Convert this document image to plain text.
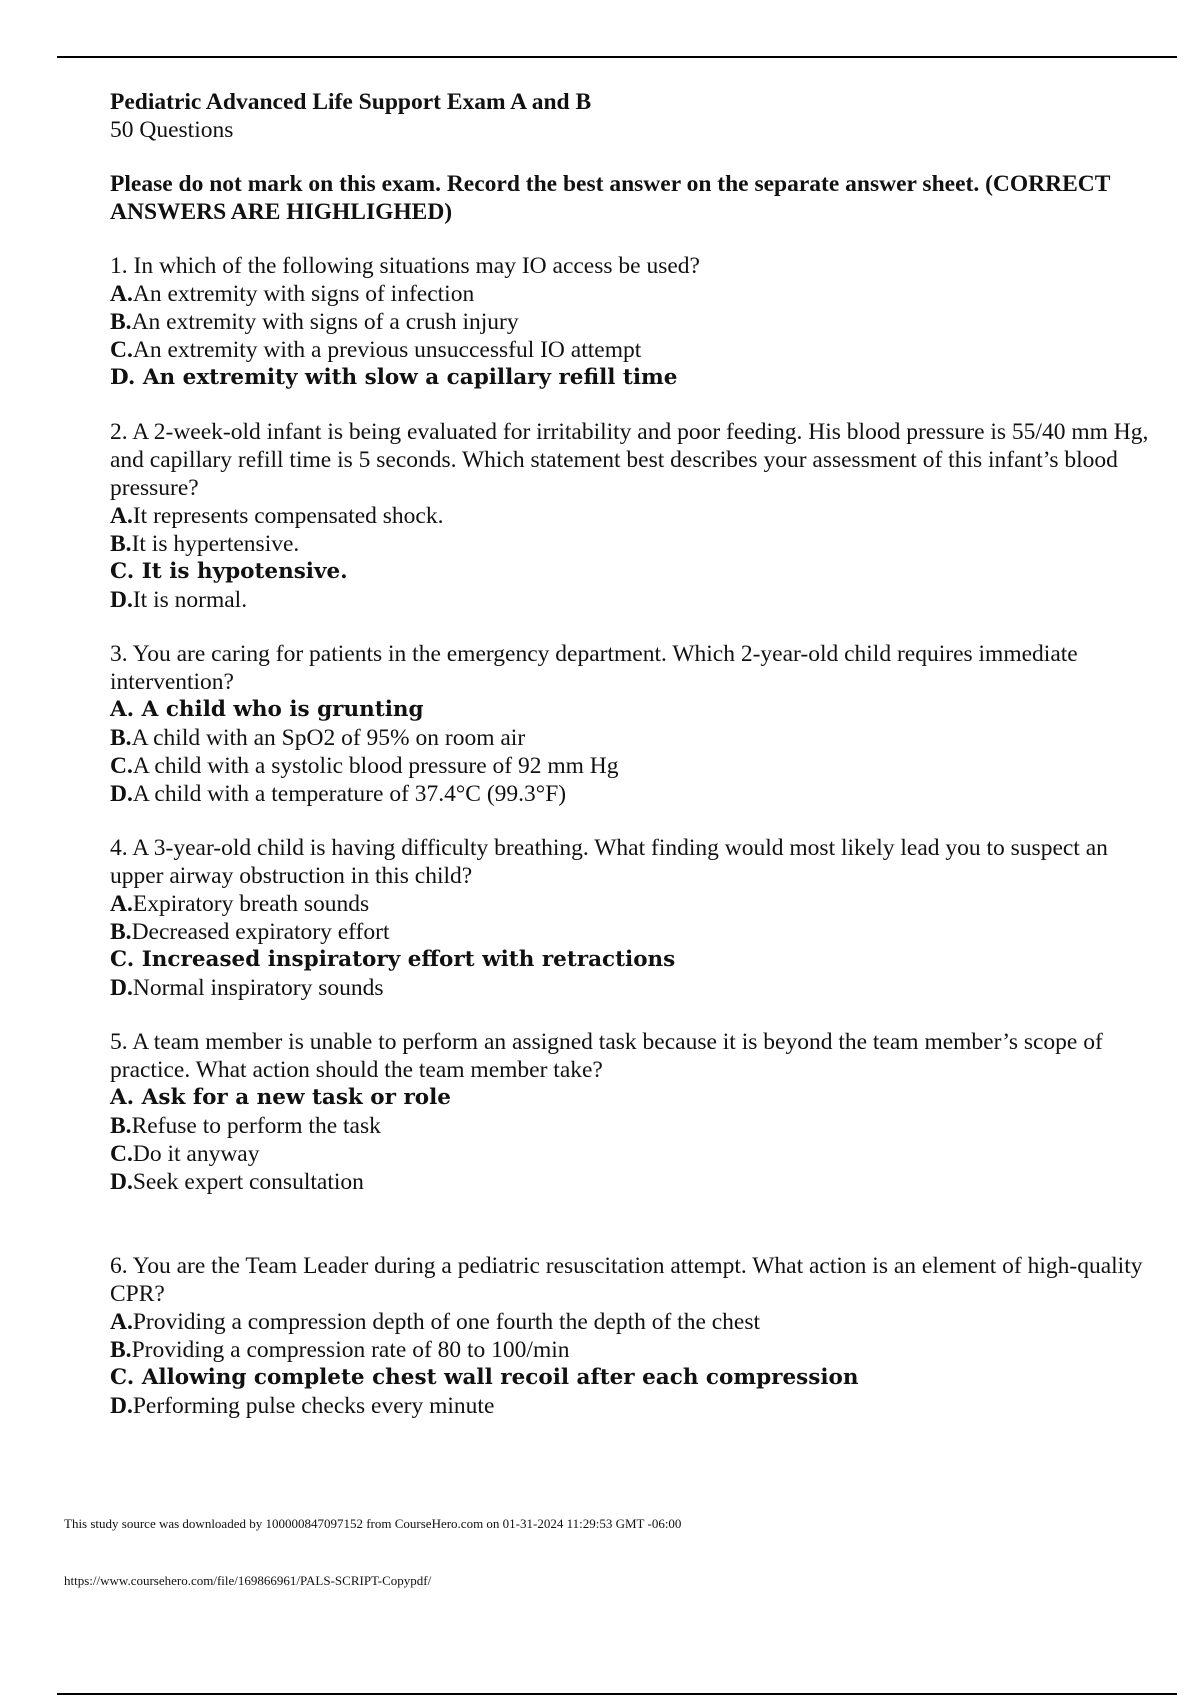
Pediatric Advanced Life Support Exam A and B

50 Questions

Please do not mark on this exam. Record the best answer on the separate answer sheet. (CORRECT ANSWERS ARE HIGHLIGHED)

1. In which of the following situations may IO access be used?

A.An extremity with signs of infection

B.An extremity with signs of a crush injury

C.An extremity with a previous unsuccessful IO attempt

D. An extremity with slow a capillary refill time

2. A 2-week-old infant is being evaluated for irritability and poor feeding. His blood pressure is 55/40 mm Hg, and capillary refill time is 5 seconds. Which statement best describes your assessment of this infant’s blood pressure?

A.It represents compensated shock.

B.It is hypertensive.

C. It is hypotensive.

D.It is normal.

3. You are caring for patients in the emergency department. Which 2-year-old child requires immediate intervention?

A. A child who is grunting

B.A child with an SpO2 of 95% on room air

C.A child with a systolic blood pressure of 92 mm Hg

D.A child with a temperature of 37.4°C (99.3°F)

4. A 3-year-old child is having difficulty breathing. What finding would most likely lead you to suspect an upper airway obstruction in this child?

A.Expiratory breath sounds

B.Decreased expiratory effort

C. Increased inspiratory effort with retractions

D.Normal inspiratory sounds

5. A team member is unable to perform an assigned task because it is beyond the team member’s scope of practice. What action should the team member take?

A. Ask for a new task or role

B.Refuse to perform the task

C.Do it anyway

D.Seek expert consultation

6. You are the Team Leader during a pediatric resuscitation attempt. What action is an element of high-quality CPR?

A.Providing a compression depth of one fourth the depth of the chest

B.Providing a compression rate of 80 to 100/min

C. Allowing complete chest wall recoil after each compression

D.Performing pulse checks every minute

This study source was downloaded by 100000847097152 from CourseHero.com on 01-31-2024 11:29:53 GMT -06:00
https://www.coursehero.com/file/169866961/PALS-SCRIPT-Copypdf/
